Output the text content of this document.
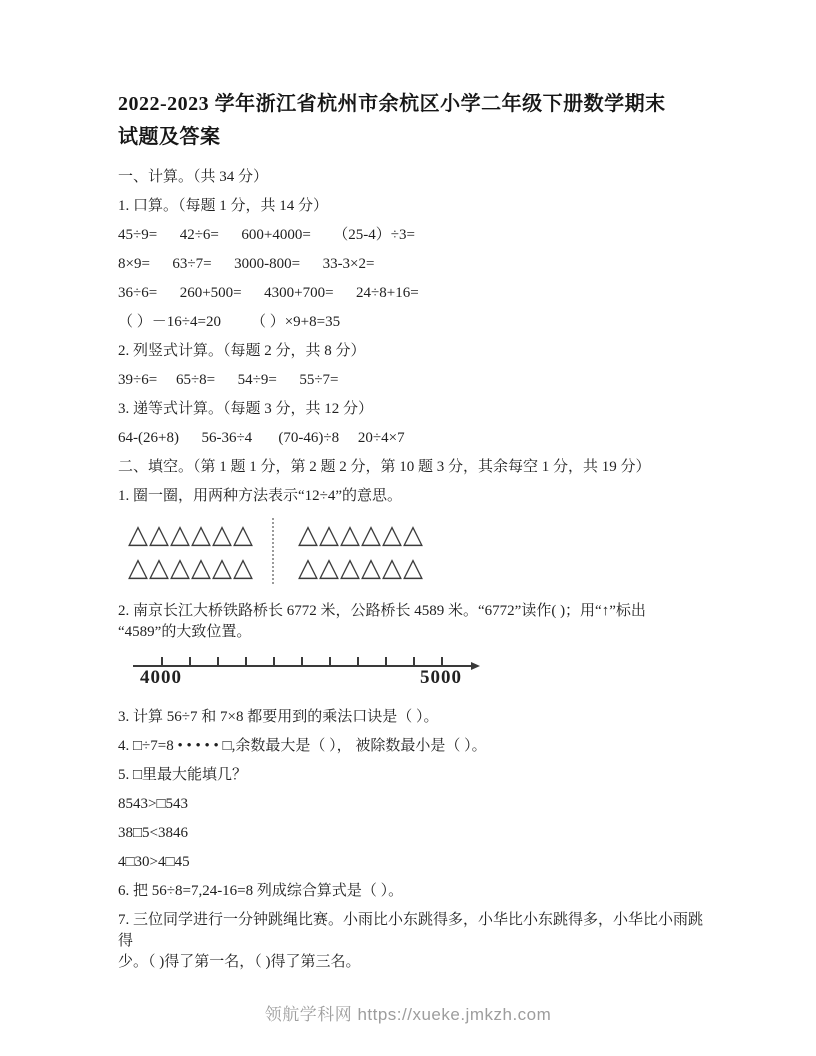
2022-2023 学年浙江省杭州市余杭区小学二年级下册数学期末
试题及答案

一、计算。（共 34 分）

1. 口算。（每题 1 分，共 14 分）

45÷9=      42÷6=      600+4000=      （25-4）÷3=

8×9=      63÷7=      3000-800=      33-3×2=

36÷6=      260+500=      4300+700=      24÷8+16=

（ ）－16÷4=20        （ ）×9+8=35

2. 列竖式计算。（每题 2 分，共 8 分）

39÷6=     65÷8=      54÷9=      55÷7=

3. 递等式计算。（每题 3 分，共 12 分）

64-(26+8)      56-36÷4       (70-46)÷8     20÷4×7

二、填空。（第 1 题 1 分，第 2 题 2 分，第 10 题 3 分，其余每空 1 分，共 19 分）

1. 圈一圈，用两种方法表示“12÷4”的意思。

△△△△△△
△△△△△△
△△△△△△
△△△△△△

2. 南京长江大桥铁路桥长 6772 米，公路桥长 4589 米。“6772”读作( )；用“↑”标出

“4589”的大致位置。

4000	5000

3. 计算 56÷7 和 7×8 都要用到的乘法口诀是（ ）。

4. □÷7=8 • • • • • □,余数最大是（ ）， 被除数最小是（ ）。

5. □里最大能填几？

8543>□543

38□5<3846

4□30>4□45

6. 把 56÷8=7,24-16=8 列成综合算式是（ ）。

7. 三位同学进行一分钟跳绳比赛。小雨比小东跳得多，小华比小东跳得多，小华比小雨跳得

少。（ )得了第一名，（ )得了第三名。

领航学科网 https://xueke.jmkzh.com
